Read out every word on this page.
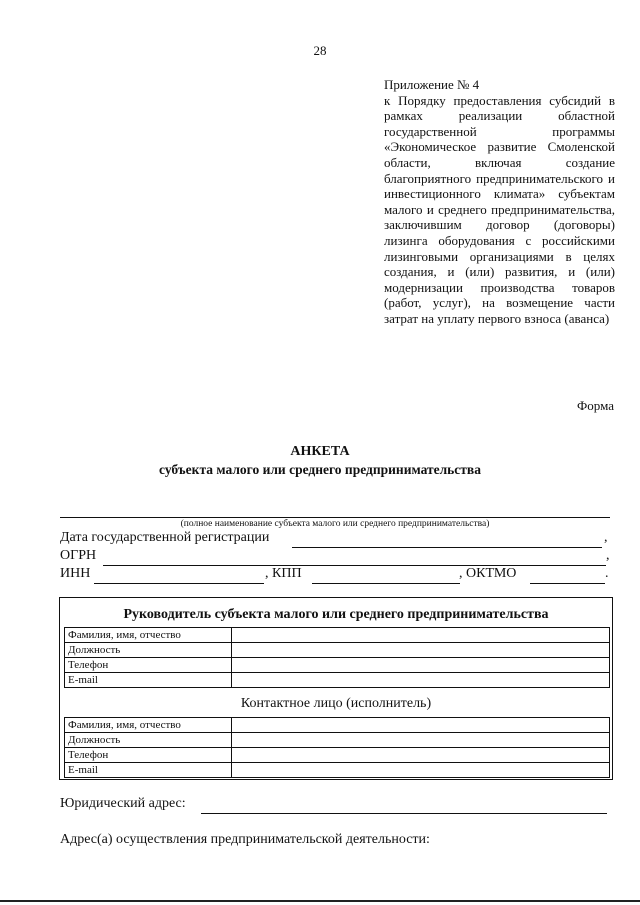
28
Приложение № 4
к Порядку предоставления субсидий в рамках реализации областной государственной программы «Экономическое развитие Смоленской области, включая создание благоприятного предпринимательского и инвестиционного климата» субъектам малого и среднего предпринимательства, заключившим договор (договоры) лизинга оборудования с российскими лизинговыми организациями в целях создания, и (или) развития, и (или) модернизации производства товаров (работ, услуг), на возмещение части затрат на уплату первого взноса (аванса)
Форма
АНКЕТА
субъекта малого или среднего предпринимательства
(полное наименование субъекта малого или среднего предпринимательства)
Дата государственной регистрации	,
ОГРН	,
ИНН	, КПП	, ОКТМО	.
Руководитель субъекта малого или среднего предпринимательства
Фамилия, имя, отчество	
Должность	
Телефон	
E-mail	
Контактное лицо (исполнитель)
Фамилия, имя, отчество	
Должность	
Телефон	
E-mail	
Юридический адрес:
Адрес(а) осуществления предпринимательской деятельности:
